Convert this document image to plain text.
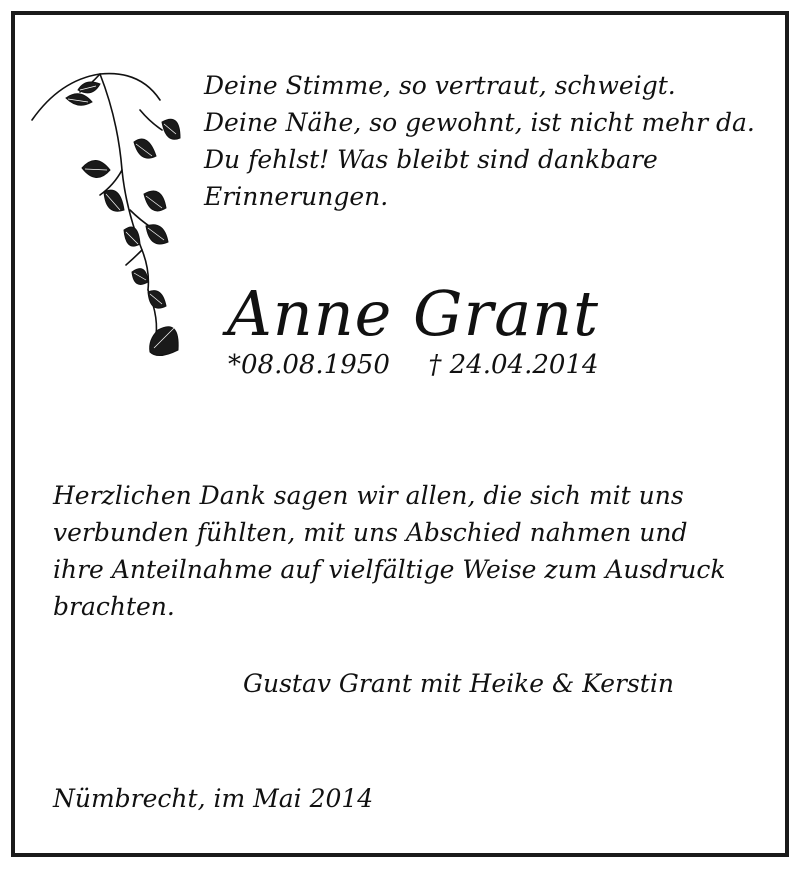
Deine Stimme, so vertraut, schweigt.
Deine Nähe, so gewohnt, ist nicht mehr da.
Du fehlst! Was bleibt sind dankbare
Erinnerungen.
Anne Grant
*08.08.1950 † 24.04.2014
Herzlichen Dank sagen wir allen, die sich mit uns
verbunden fühlten, mit uns Abschied nahmen und
ihre Anteilnahme auf vielfältige Weise zum Ausdruck
brachten.
Gustav Grant mit Heike & Kerstin
Nümbrecht, im Mai 2014
